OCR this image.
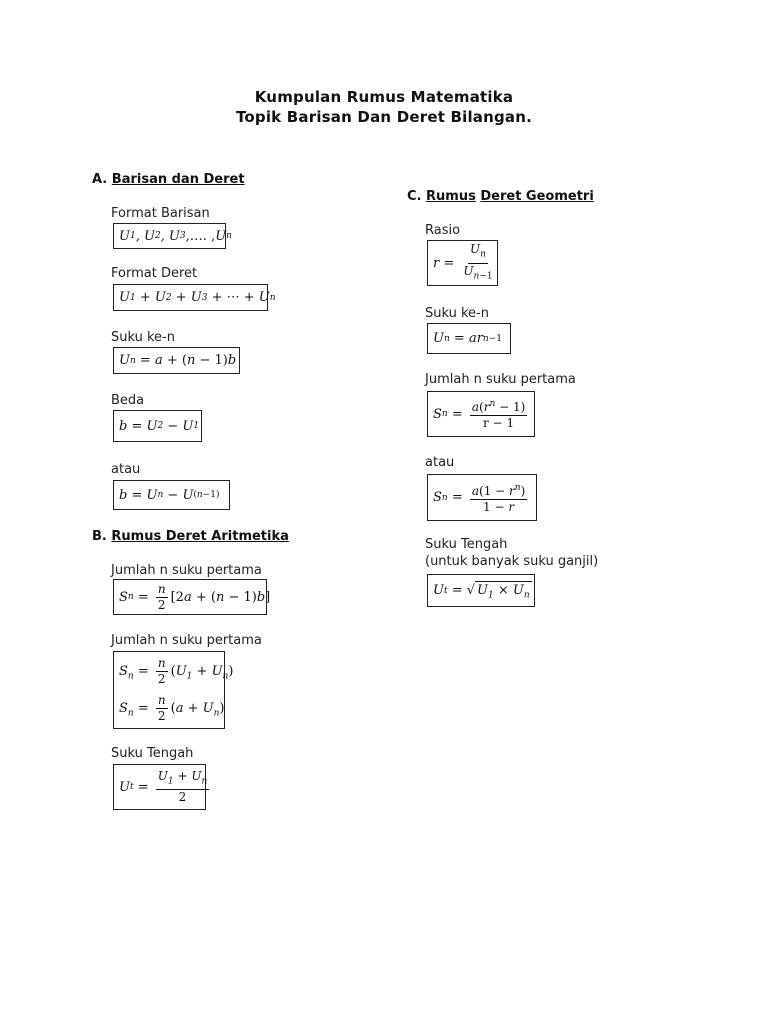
Kumpulan Rumus Matematika
Topik Barisan Dan Deret Bilangan.
A. Barisan dan Deret
Format Barisan
U 1 , U 2 , U 3 , …. , U n
Format Deret
U 1 + U 2 + U 3 + ⋯ + U n
Suku ke-n
U n = a + ( n − 1) b
Beda
b = U 2 − U 1
atau
b = U n − U (n−1)
B. Rumus Deret Aritmetika
Jumlah n suku pertama
S $n = \frac{n}{2} [2$ a + ( n − 1) b ]
Jumlah n suku pertama
$S_n = \frac{n}{2} (U_1 + U_n)$
$S_n = \frac{n}{2} (a + U_n)$
Suku Tengah
U $t = \frac{U_1 + U_n}{2}$
C. Rumus Deret Geometri
Rasio
$r = \frac{U_n}{U_{n-1}}$
Suku ke-n
U n = ar n−1
Jumlah n suku pertama
S $n = \frac{a(r^n - 1)}{r - 1}$
atau
S $n = \frac{a(1 - r^n)}{1 - r}$
Suku Tengah
(untuk banyak suku ganjil)
U t = √ $U_1 \times U_n$
